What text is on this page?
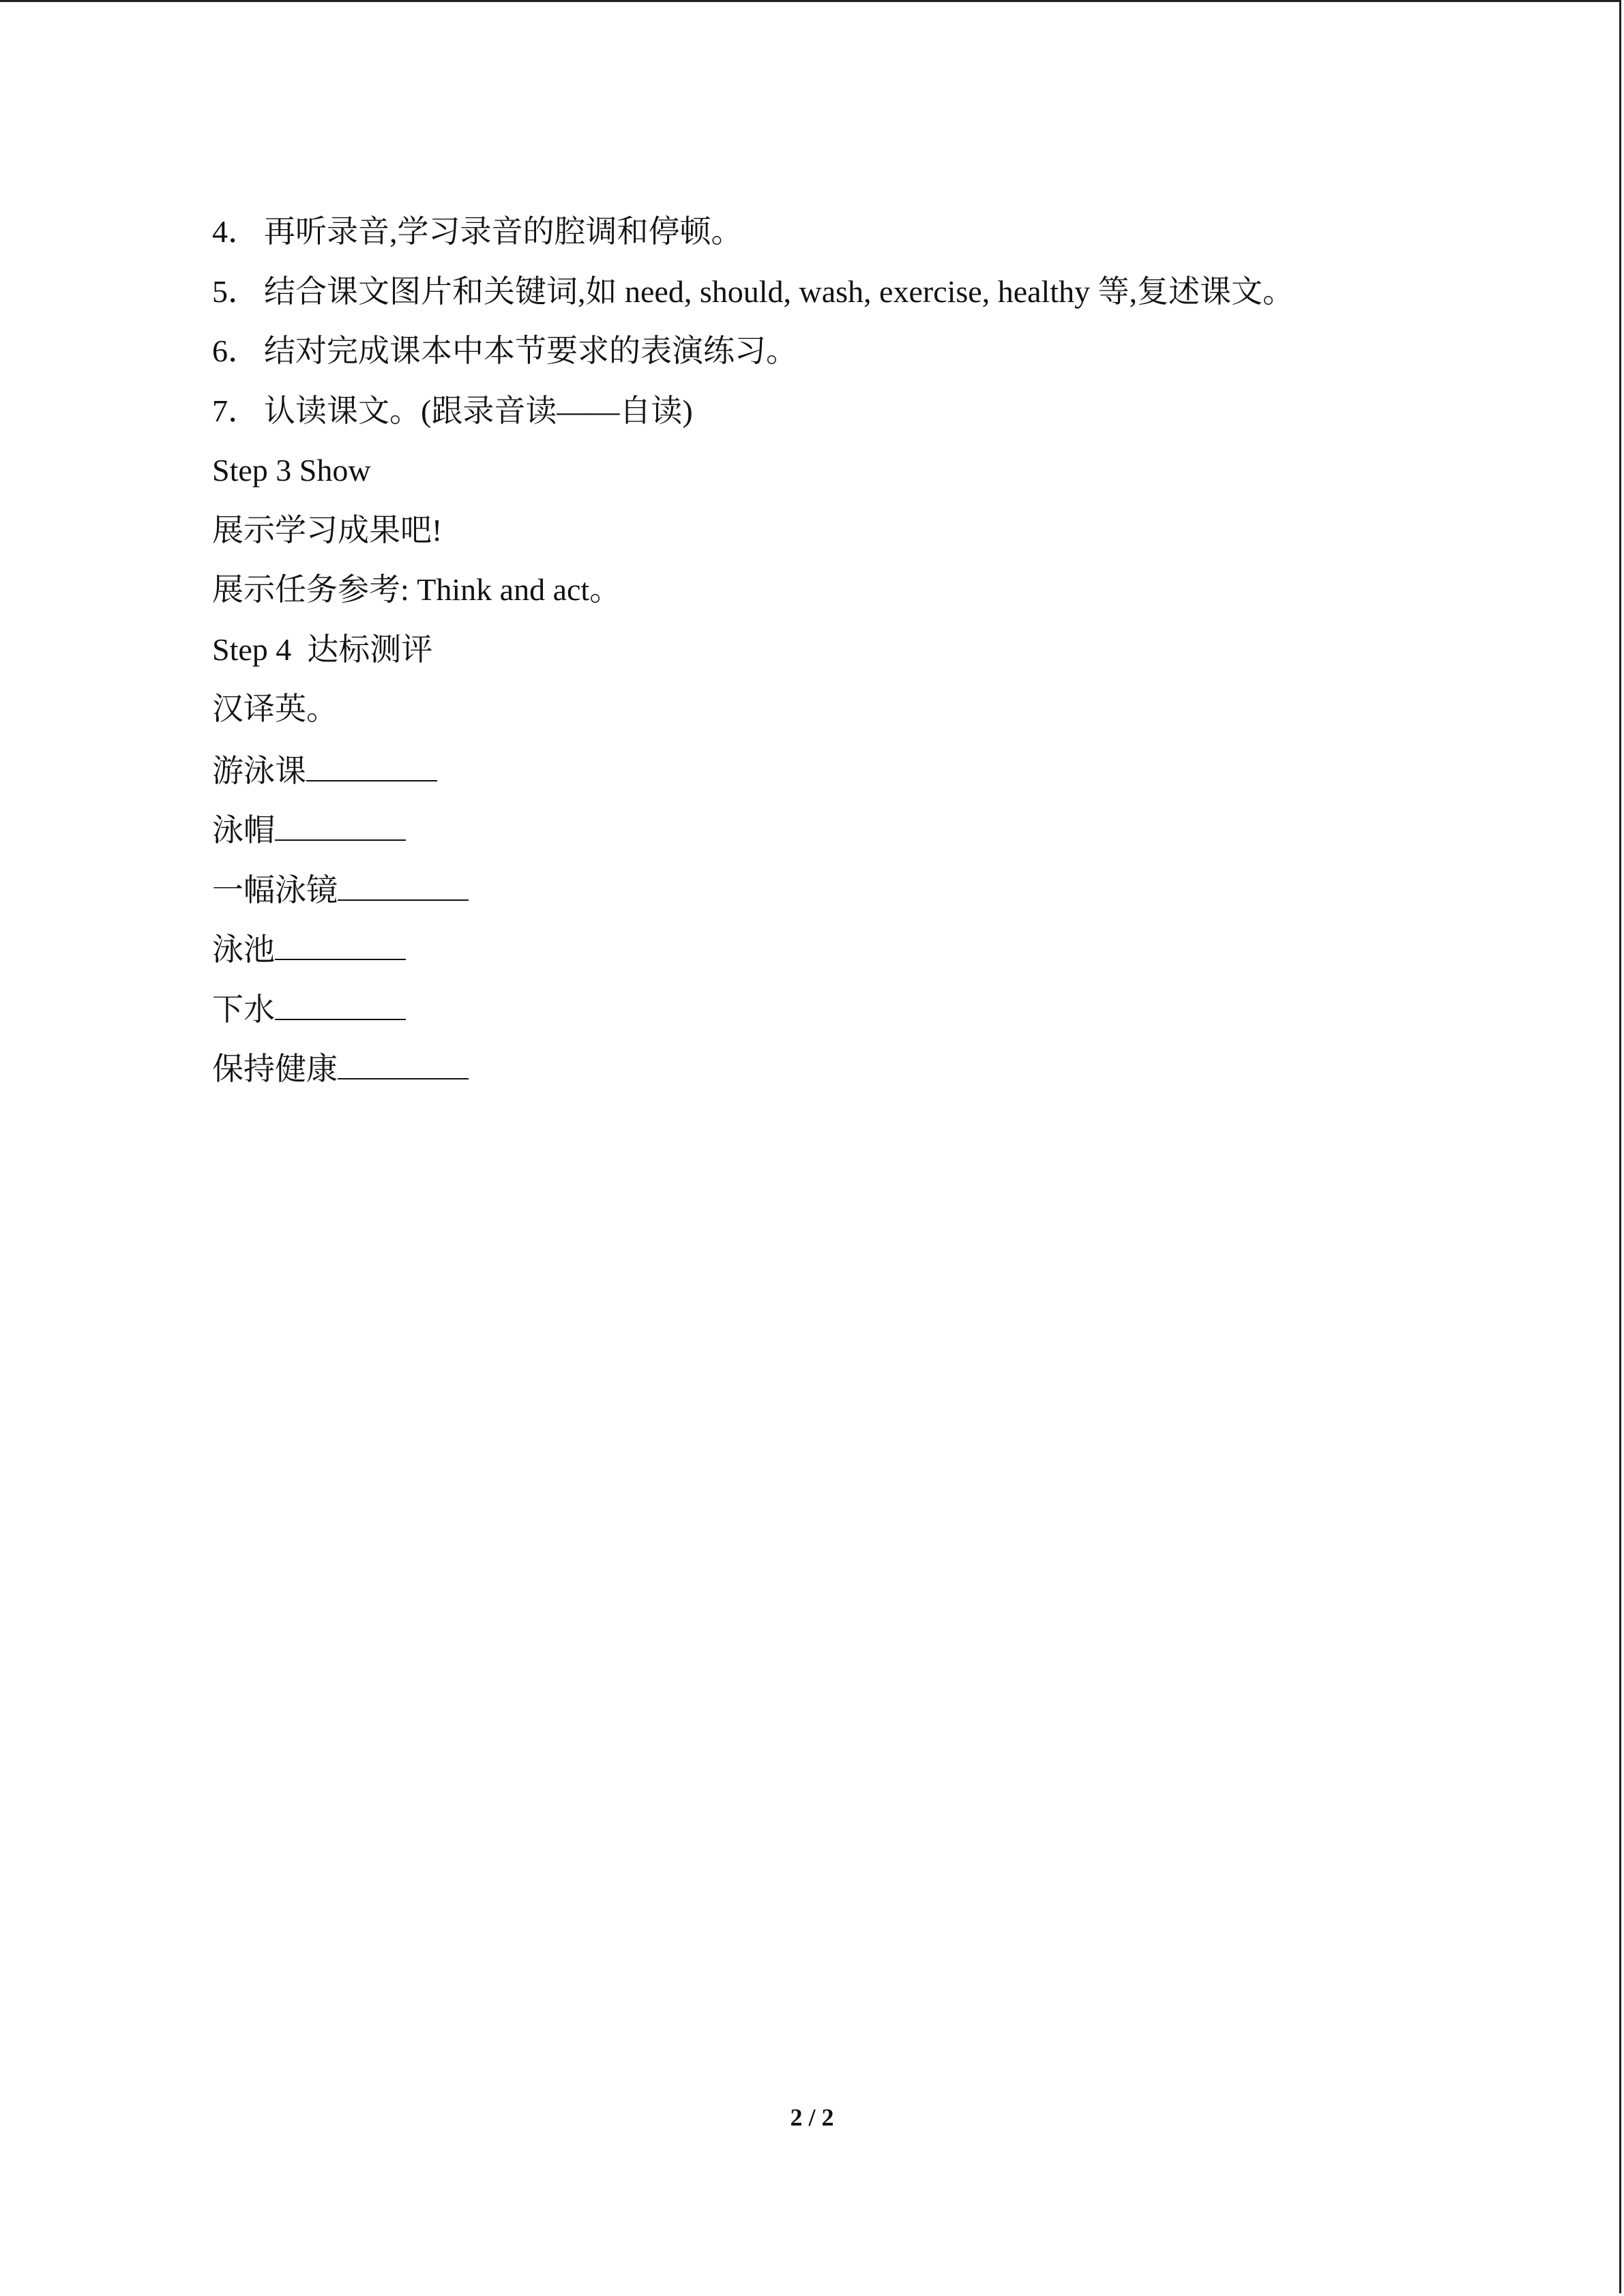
4． 再听录音,学习录音的腔调和停顿。
5． 结合课文图片和关键词,如 need, should, wash, exercise, healthy 等,复述课文。
6． 结对完成课本中本节要求的表演练习。
7． 认读课文。(跟录音读——自读)
Step 3 Show
展示学习成果吧!
展示任务参考: Think and act。
Step 4  达标测评
汉译英。
游泳课
泳帽
一幅泳镜
泳池
下水
保持健康
2 / 2
